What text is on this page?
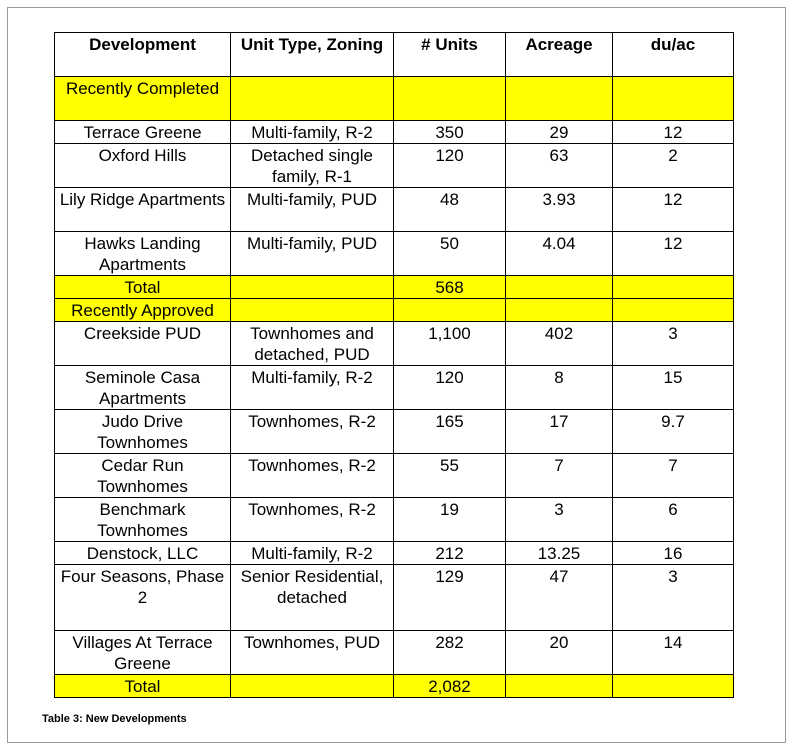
Development	Unit Type, Zoning	# Units	Acreage	du/ac
Recently Completed				
Terrace Greene	Multi-family, R-2	350	29	12
Oxford Hills	Detached single family, R-1	120	63	2
Lily Ridge Apartments	Multi-family, PUD	48	3.93	12
Hawks Landing Apartments	Multi-family, PUD	50	4.04	12
Total		568		
Recently Approved				
Creekside PUD	Townhomes and detached, PUD	1,100	402	3
Seminole Casa Apartments	Multi-family, R-2	120	8	15
Judo Drive Townhomes	Townhomes, R-2	165	17	9.7
Cedar Run Townhomes	Townhomes, R-2	55	7	7
Benchmark Townhomes	Townhomes, R-2	19	3	6
Denstock, LLC	Multi-family, R-2	212	13.25	16
Four Seasons, Phase 2	Senior Residential, detached	129	47	3
Villages At Terrace Greene	Townhomes, PUD	282	20	14
Total		2,082		
Table 3: New Developments
